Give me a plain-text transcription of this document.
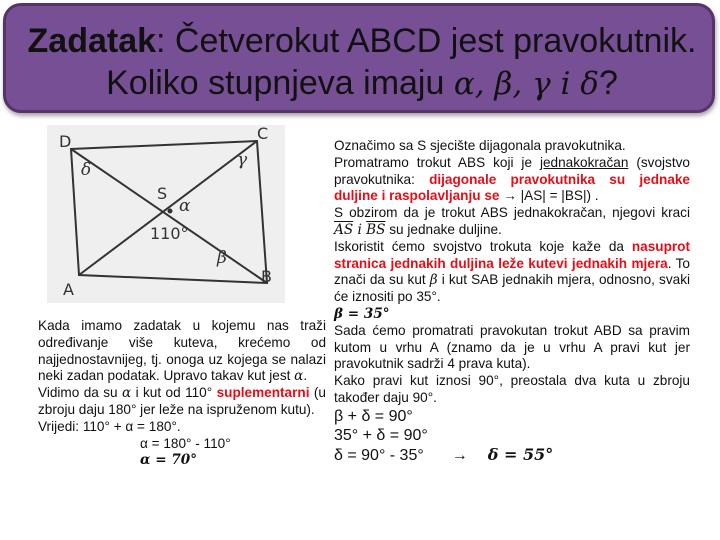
Zadatak: Četverokut ABCD jest pravokutnik.
Koliko stupnjeva imaju α, β, γ i δ?
D	C
A
B
S
α
110°
β
γ
δ
Označimo sa S sjecište dijagonala pravokutnika.
Promatramo trokut ABS koji je jednakokračan (svojstvo pravokutnika: dijagonale pravokutnika su jednake duljine i raspolavljanju se → |AS| = |BS|) .
S obzirom da je trokut ABS jednakokračan, njegovi kraci $\overline{AS}$ i $\overline{BS}$ su jednake duljine.
Iskoristit ćemo svojstvo trokuta koje kaže da nasuprot stranica jednakih duljina leže kutevi jednakih mjera. To znači da su kut β i kut SAB jednakih mjera, odnosno, svaki će iznositi po 35°.
β = 35°
Sada ćemo promatrati pravokutan trokut ABD sa pravim kutom u vrhu A (znamo da je u vrhu A pravi kut jer pravokutnik sadrži 4 prava kuta).
Kako pravi kut iznosi 90°, preostala dva kuta u zbroju također daju 90°.
β + δ = 90°
35° + δ = 90°
δ = 90° - 35° → δ = 55°
Kada imamo zadatak u kojemu nas traži određivanje više kuteva, krećemo od najjednostavnijeg, tj. onoga uz kojega se nalazi neki zadan podatak. Upravo takav kut jest α.
Vidimo da su α i kut od 110° suplementarni (u zbroju daju 180° jer leže na ispruženom kutu).
Vrijedi: 110° + α = 180°.
α = 180° - 110°
α = 70°
